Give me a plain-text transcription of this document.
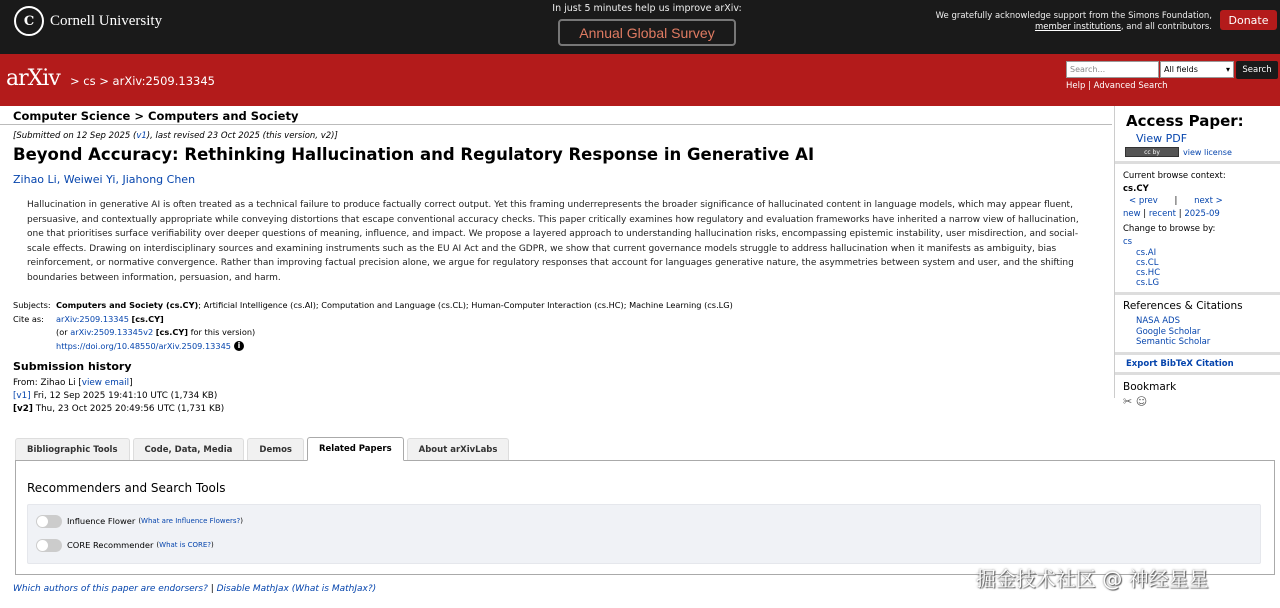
C	Cornell University
In just 5 minutes help us improve arXiv:
Annual Global Survey
We gratefully acknowledge support from the Simons Foundation,
member institutions, and all contributors.
Donate
arXiv > cs > arXiv:2509.13345
Search...	All fields	▾	Search
Help | Advanced Search
Computer Science > Computers and Society
[Submitted on 12 Sep 2025 (v1), last revised 23 Oct 2025 (this version, v2)]
Beyond Accuracy: Rethinking Hallucination and Regulatory Response in Generative AI
Zihao Li, Weiwei Yi, Jiahong Chen
Hallucination in generative AI is often treated as a technical failure to produce factually correct output. Yet this framing underrepresents the broader significance of hallucinated content in language models, which may appear fluent, persuasive, and contextually appropriate while conveying distortions that escape conventional accuracy checks. This paper critically examines how regulatory and evaluation frameworks have inherited a narrow view of hallucination, one that prioritises surface verifiability over deeper questions of meaning, influence, and impact. We propose a layered approach to understanding hallucination risks, encompassing epistemic instability, user misdirection, and social-scale effects. Drawing on interdisciplinary sources and examining instruments such as the EU AI Act and the GDPR, we show that current governance models struggle to address hallucination when it manifests as ambiguity, bias reinforcement, or normative convergence. Rather than improving factual precision alone, we argue for regulatory responses that account for languages generative nature, the asymmetries between system and user, and the shifting boundaries between information, persuasion, and harm.
Subjects: Computers and Society (cs.CY); Artificial Intelligence (cs.AI); Computation and Language (cs.CL); Human-Computer Interaction (cs.HC); Machine Learning (cs.LG)
Cite as: arXiv:2509.13345 [cs.CY]
(or arXiv:2509.13345v2 [cs.CY] for this version)
https://doi.org/10.48550/arXiv.2509.13345 i
Submission history
From: Zihao Li [view email]
[v1] Fri, 12 Sep 2025 19:41:10 UTC (1,734 KB)
[v2] Thu, 23 Oct 2025 20:49:56 UTC (1,731 KB)
Bibliographic Tools	Code, Data, Media	Demos	Related Papers	About arXivLabs
Recommenders and Search Tools
Influence Flower (What are Influence Flowers?)
CORE Recommender (What is CORE?)
Which authors of this paper are endorsers? | Disable MathJax (What is MathJax?)	掘金技术社区 @ 神经星星
Access Paper:
View PDF
cc by	view license
Current browse context:
cs.CY
< prev | next >
new | recent | 2025-09
Change to browse by:
cs
cs.AI
cs.CL
cs.HC
cs.LG
References & Citations
NASA ADS
Google Scholar
Semantic Scholar
Export BibTeX Citation
Bookmark
✂ ☺
